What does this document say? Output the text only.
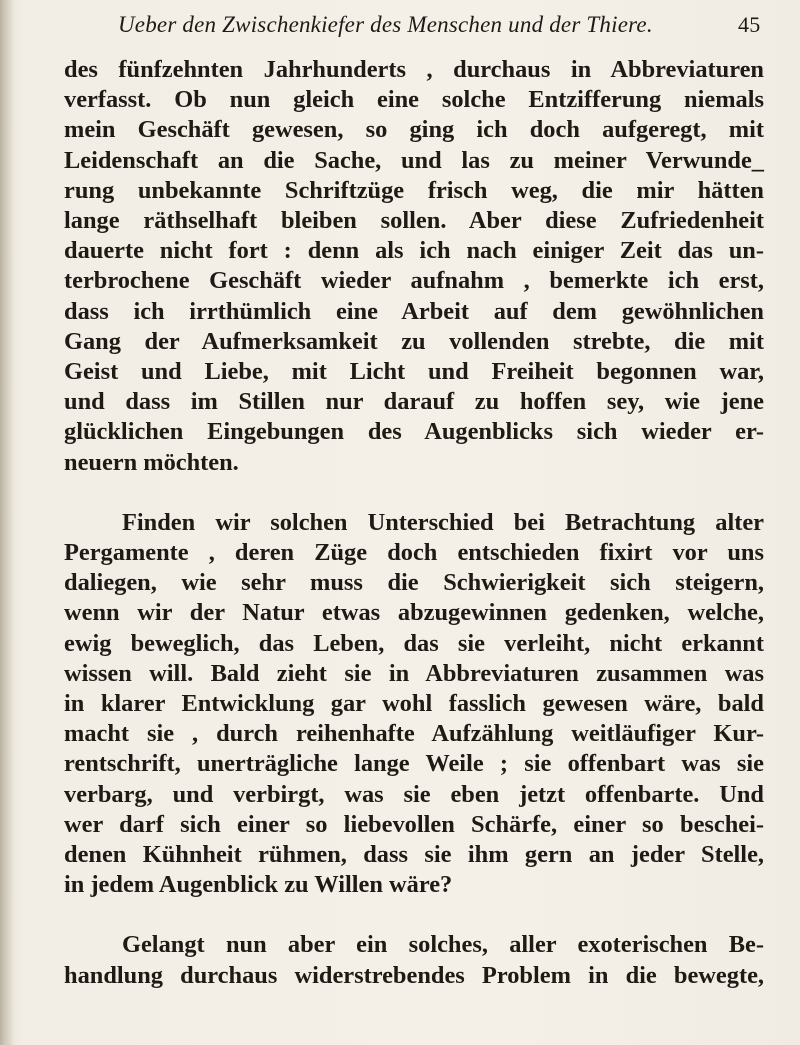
Ueber den Zwischenkiefer des Menschen und der Thiere.	45

des fünfzehnten Jahrhunderts , durchaus in Abbreviaturen
verfasst. Ob nun gleich eine solche Entzifferung niemals
mein Geschäft gewesen, so ging ich doch aufgeregt, mit
Leidenschaft an die Sache, und las zu meiner Verwunde_
rung unbekannte Schriftzüge frisch weg, die mir hätten
lange räthselhaft bleiben sollen. Aber diese Zufriedenheit
dauerte nicht fort : denn als ich nach einiger Zeit das un-
terbrochene Geschäft wieder aufnahm , bemerkte ich erst,
dass ich irrthümlich eine Arbeit auf dem gewöhnlichen
Gang der Aufmerksamkeit zu vollenden strebte, die mit
Geist und Liebe, mit Licht und Freiheit begonnen war,
und dass im Stillen nur darauf zu hoffen sey, wie jene
glücklichen Eingebungen des Augenblicks sich wieder er-
neuern möchten.

Finden wir solchen Unterschied bei Betrachtung alter
Pergamente , deren Züge doch entschieden fixirt vor uns
daliegen, wie sehr muss die Schwierigkeit sich steigern,
wenn wir der Natur etwas abzugewinnen gedenken, welche,
ewig beweglich, das Leben, das sie verleiht, nicht erkannt
wissen will. Bald zieht sie in Abbreviaturen zusammen was
in klarer Entwicklung gar wohl fasslich gewesen wäre, bald
macht sie , durch reihenhafte Aufzählung weitläufiger Kur-
rentschrift, unerträgliche lange Weile ; sie offenbart was sie
verbarg, und verbirgt, was sie eben jetzt offenbarte. Und
wer darf sich einer so liebevollen Schärfe, einer so beschei-
denen Kühnheit rühmen, dass sie ihm gern an jeder Stelle,
in jedem Augenblick zu Willen wäre?

Gelangt nun aber ein solches, aller exoterischen Be-
handlung durchaus widerstrebendes Problem in die bewegte,
